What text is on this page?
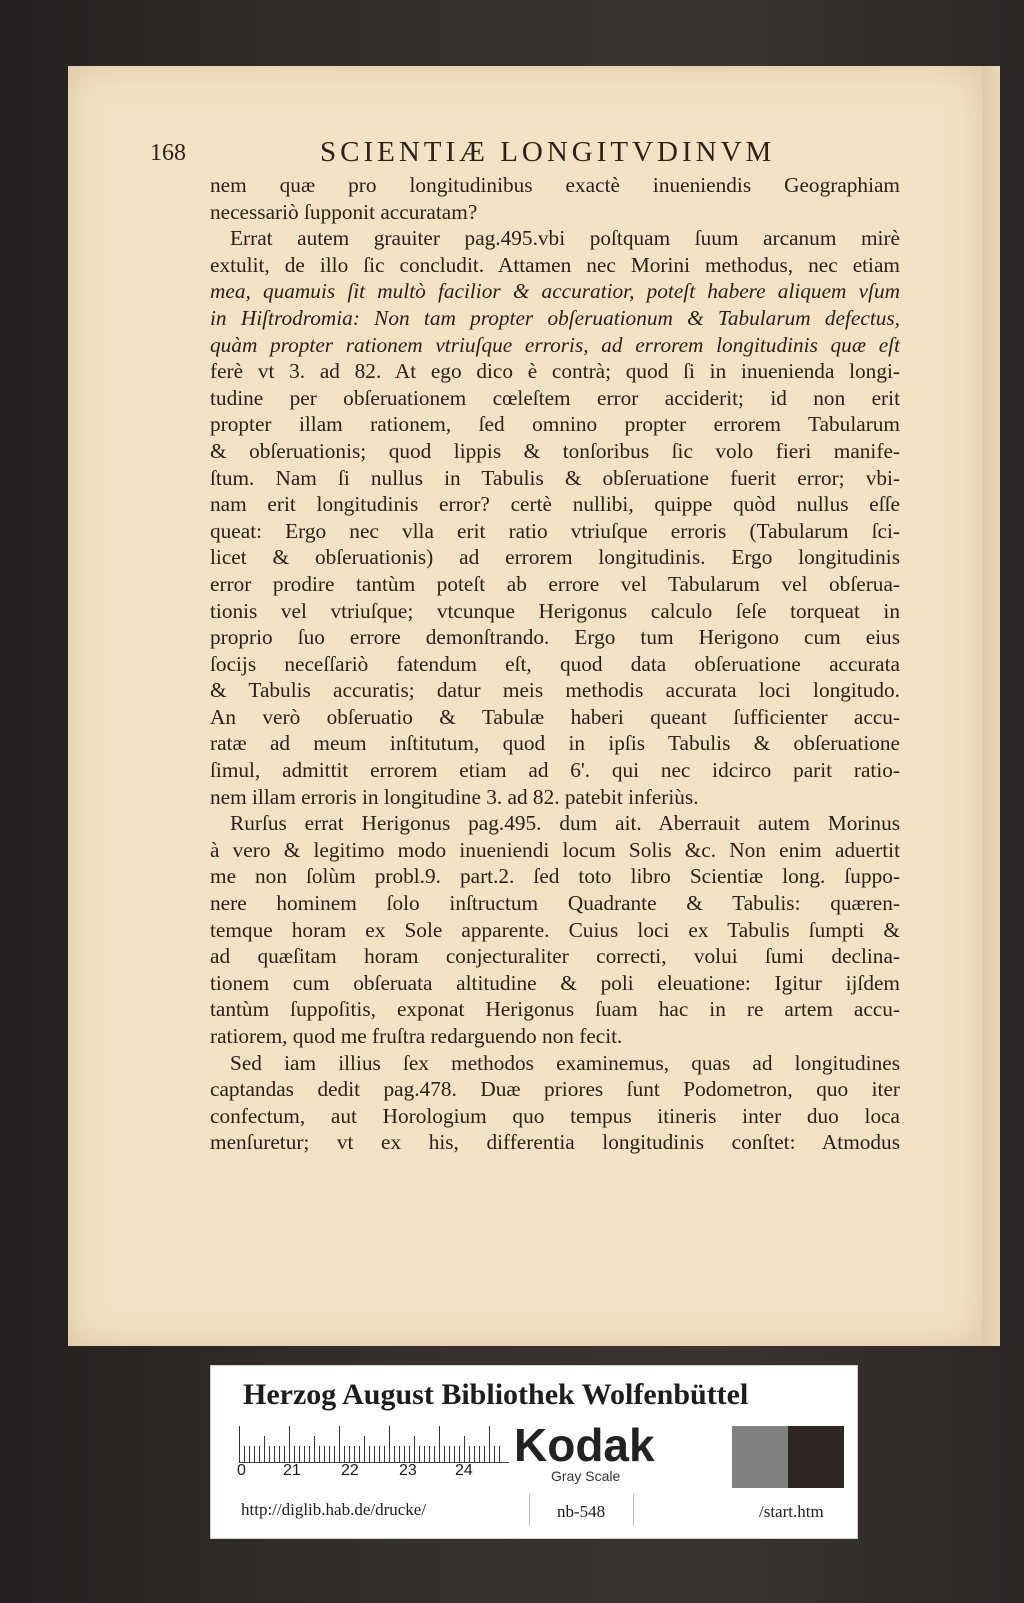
168	SCIENTIÆ LONGITVDINVM
nem quæ pro longitudinibus exactè inueniendis Geographiam
necessariò ſupponit accuratam?
Errat autem grauiter pag.495.vbi poſtquam ſuum arcanum mirè
extulit, de illo ſic concludit. Attamen nec Morini methodus, nec etiam
mea, quamuis ſit multò facilior & accuratior, poteſt habere aliquem vſum
in Hiſtrodromia: Non tam propter obſeruationum & Tabularum defectus,
quàm propter rationem vtriuſque erroris, ad errorem longitudinis quæ eſt
ferè vt 3. ad 82. At ego dico è contrà; quod ſi in inuenienda longi-
tudine per obſeruationem cœleſtem error acciderit; id non erit
propter illam rationem, ſed omnino propter errorem Tabularum
& obſeruationis; quod lippis & tonſoribus ſic volo fieri manife-
ſtum. Nam ſi nullus in Tabulis & obſeruatione fuerit error; vbi-
nam erit longitudinis error? certè nullibi, quippe quòd nullus eſſe
queat: Ergo nec vlla erit ratio vtriuſque erroris (Tabularum ſci-
licet & obſeruationis) ad errorem longitudinis. Ergo longitudinis
error prodire tantùm poteſt ab errore vel Tabularum vel obſerua-
tionis vel vtriuſque; vtcunque Herigonus calculo ſeſe torqueat in
proprio ſuo errore demonſtrando. Ergo tum Herigono cum eius
ſocijs neceſſariò fatendum eſt, quod data obſeruatione accurata
& Tabulis accuratis; datur meis methodis accurata loci longitudo.
An verò obſeruatio & Tabulæ haberi queant ſufficienter accu-
ratæ ad meum inſtitutum, quod in ipſis Tabulis & obſeruatione
ſimul, admittit errorem etiam ad 6'. qui nec idcirco parit ratio-
nem illam erroris in longitudine 3. ad 82. patebit inferiùs.
Rurſus errat Herigonus pag.495. dum ait. Aberrauit autem Morinus
à vero & legitimo modo inueniendi locum Solis &c. Non enim aduertit
me non ſolùm probl.9. part.2. ſed toto libro Scientiæ long. ſuppo-
nere hominem ſolo inſtructum Quadrante & Tabulis: quæren-
temque horam ex Sole apparente. Cuius loci ex Tabulis ſumpti &
ad quæſitam horam conjecturaliter correcti, volui ſumi declina-
tionem cum obſeruata altitudine & poli eleuatione: Igitur ijſdem
tantùm ſuppoſitis, exponat Herigonus ſuam hac in re artem accu-
ratiorem, quod me fruſtra redarguendo non fecit.
Sed iam illius ſex methodos examinemus, quas ad longitudines
captandas dedit pag.478. Duæ priores ſunt Podometron, quo iter
confectum, aut Horologium quo tempus itineris inter duo loca
menſuretur; vt ex his, differentia longitudinis conſtet: Atmodus
Herzog August Bibliothek Wolfenbüttel
0 21	22	23 24 Kodak
Gray Scale
http://diglib.hab.de/drucke/	nb-548	/start.htm
